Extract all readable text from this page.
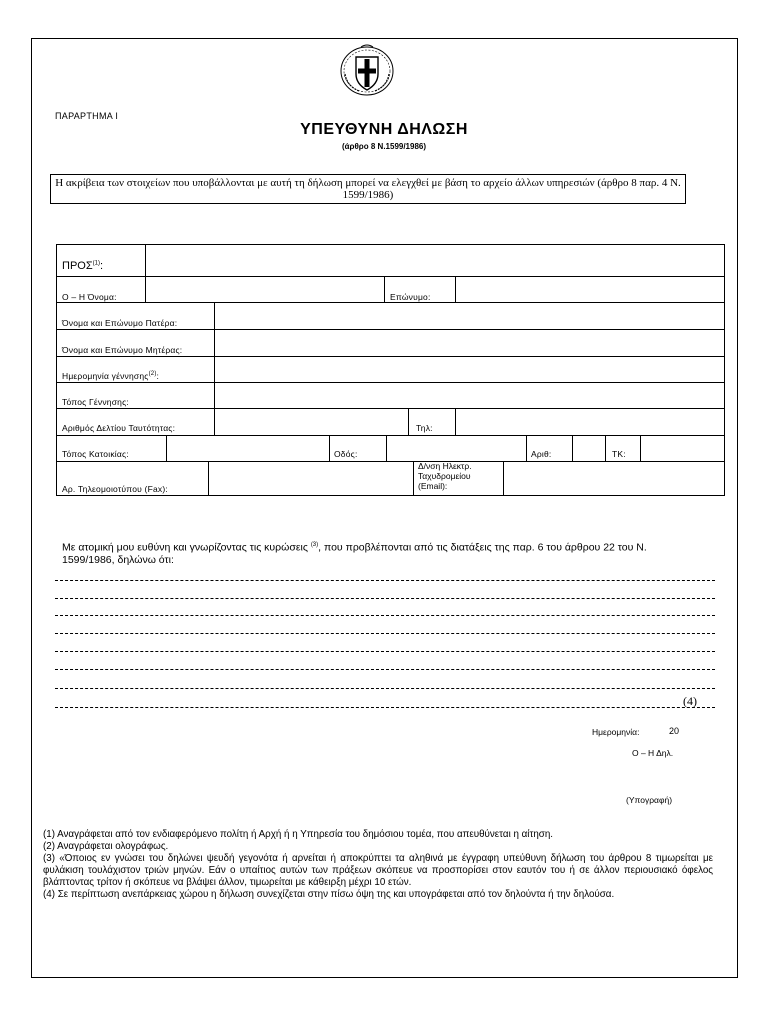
ΠΑΡΑΡΤΗΜΑ Ι
ΥΠΕΥΘΥΝΗ ΔΗΛΩΣΗ
(άρθρο 8 Ν.1599/1986)
Η ακρίβεια των στοιχείων που υποβάλλονται με αυτή τη δήλωση μπορεί να ελεγχθεί με βάση το αρχείο άλλων υπηρεσιών (άρθρο 8 παρ. 4 Ν. 1599/1986)
ΠΡΟΣ$^{(1)}$:
Ο – Η Όνομα:	Επώνυμο:
Όνομα και Επώνυμο Πατέρα:
Όνομα και Επώνυμο Μητέρας:
Ημερομηνία γέννησης$^{(2)}$:
Τόπος Γέννησης:
Αριθμός Δελτίου Ταυτότητας:	Τηλ:
Τόπος Κατοικίας:	Οδός:	Αριθ:	ΤΚ:
Αρ. Τηλεομοιοτύπου (Fax):
Δ/νση Ηλεκτρ.
Ταχυδρομείου
(Email):
Με ατομική μου ευθύνη και γνωρίζοντας τις κυρώσεις $^{(3)}$, που προβλέπονται από τις διατάξεις της παρ. 6 του άρθρου 22 του Ν. 1599/1986, δηλώνω ότι:
(4)
Ημερομηνία:	20
Ο – Η Δηλ.
(Υπογραφή)

(1) Αναγράφεται από τον ενδιαφερόμενο πολίτη ή Αρχή ή η Υπηρεσία του δημόσιου τομέα, που απευθύνεται η αίτηση.

(2) Αναγράφεται ολογράφως.

(3) «Όποιος εν γνώσει του δηλώνει ψευδή γεγονότα ή αρνείται ή αποκρύπτει τα αληθινά με έγγραφη υπεύθυνη δήλωση του άρθρου 8 τιμωρείται με φυλάκιση τουλάχιστον τριών μηνών. Εάν ο υπαίτιος αυτών των πράξεων σκόπευε να προσπορίσει στον εαυτόν του ή σε άλλον περιουσιακό όφελος βλάπτοντας τρίτον ή σκόπευε να βλάψει άλλον, τιμωρείται με κάθειρξη μέχρι 10 ετών.

(4) Σε περίπτωση ανεπάρκειας χώρου η δήλωση συνεχίζεται στην πίσω όψη της και υπογράφεται από τον δηλούντα ή την δηλούσα.
